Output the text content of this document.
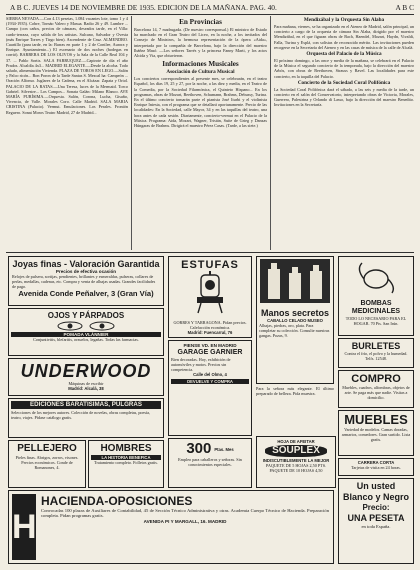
A B C. JUEVES 14 DE NOVIEMBRE DE 1935. EDICION DE LA MAÑANA. PAG. 40.	A B C
SIERRA NEVADA.—Con 4.13 pesetas, 1.084 vacantes lote, tomo 1 y 4 (1934-1935). Cobre, Tornáo Valero y Masua. Radio 26 y 49. Lumbre ... Campo (con caños, precios de cámaras, deseados tarde, en el Villa: cardo-terraza, cuyo salida de los artistas. Sulcano, Salvador y Ovesta (más Enrique Torres y Tirgo bien). Ascendente de Cruz. ALMENDRO. Cuartillo (para tarde, en la: Barras en parte 1 y 2 de Contlee, Aurora y Enrique. Ayuntamiento...) El escenario de dos noches (bodegas en corrió). BARBERA DE LOS OLIVOS y la Sala de la Calle Real 104 y 37. ... Pablo Sortis. SALA FARRUQUEZ.—Capirote de día el año Prados. Alcaldía 4x3... MADRID ELEGANTE.—Desde la alcoba. Todo saludo, alimentación Vivienda. PLAZA DE TOROS EN LEGO.—Salón y Palco ricón... Bon Poron de la Tarde Santas S. Mezcal ha: Campeón ... Oración Alfonso. Juglares de la Cadena, en el Alcázar. Zapata y Oriol. PALACIO DE LA RATAS.—Una Teresa, luces de la Mermaid. Torco Gabriel. Silvestre... Los Campos... Sonata Galán: Milano Blanco. AVE MARÍA PURÍSIMA.—Orquesta. Salón, Corona, Lucha, Gisaño, Vivencia, de Valle. Morales Coro. Calle Madrid. SALA MARIA CRISTINA (Palacio). Vermut. Emulaciones. Los Perales. Frontón Reguero. Sonat Moros Teatro Madrid, 27 de Madrid...
En Provincias
Barcelona 14, 7 madrugada. (De nuestro corresponsal.) El ministro de Estado ha marchado en el Gran Teatro del Liceo, en la noche, a los invitados del Consejo de Ministros, la hermosa representación de la ópera «Aida», interpretada por la compañía de Barcelona, bajo la dirección del maestro Ibáñez Masó. —Los señores Tarrés y la princesa Fanny Marti, y los actos Alcida y Via, que obtuvieron.
Informaciones Musicales
Asociación de Cultura Musical
Los conciertos correspondientes al presente mes, se celebrarán, en el teatro Español, los días 19, 25 y 27, por la noche, a las diez y media, en el Teatro de la Comedia, por la Sociedad Filarmónica, el Quinteto Hispano... En los programas, obras de Mozart, Beethoven, Schumann, Brahms, Debussy, Turina. En el último concierto tomarán parte el pianista José Iturbi y el violinista Enrique Iniesta, con el programa que se detallará oportunamente. Precio de las localidades: En la Sociedad, calle Mayor, 34 y en las taquillas del teatro, una hora antes de cada sesión. Diariamente, concierto-vermut en el Palacio de la Música. Programa: Aida, Mozart, Wagner, Tristán, Suite de Grieg y Danzas Húngaras de Brahms. Dirigirá el maestro Pérez Casas. (Tarde, a las siete.)
Mendizábal y la Orquesta Sin Alaba
Para mañana, viernes, se ha organizado en el Ateneo de Madrid, salón principal, un concierto a cargo de la orquesta de cámara Sin Alaba, dirigido por el maestro Mendizábal, en el que figuran obras de Bach, Haendel, Mozart, Haydn, Vivaldi, Falla, Turina y Esplá, con solistas de reconocido mérito. Las invitaciones pueden recogerse en la Secretaría del Ateneo y en las casas de música de la calle de Alcalá.
Orquesta del Palacio de la Música
El próximo domingo, a las once y media de la mañana, se celebrará en el Palacio de la Música el segundo concierto de la temporada, bajo la dirección del maestro Arbós, con obras de Beethoven, Strauss y Ravel. Las localidades para este concierto, en la taquilla del Palacio.
Concierto de la Sociedad Coral Polifónica
La Sociedad Coral Polifónica dará el sábado, a las seis y media de la tarde, un concierto en el salón del Conservatorio, interpretando obras de Victoria, Morales, Guerrero, Palestrina y Orlando di Lasso, bajo la dirección del maestro Benedito. Invitaciones en la Secretaría.
Joyas finas - Valoración Garantida
Precios de efectiva ocasión
Relojes de pulsera, sortijas, pendientes, brillantes y esmeraldas, pulseras, collares de perlas, medallas, cadenas, etc. Compra y venta de alhajas usadas. Grandes facilidades de pago.
Avenida Conde Peñalver, 3 (Gran Vía)
OJOS Y PÁRPADOS
POMADA VLÁNNIER
Conjuntivitis, blefaritis, orzuelos, legañas. Todas las farmacias.
UNDERWOOD
Máquinas de escribir
Madrid: Alcalá, 38
EDICIONES BARATISIMAS, PULGRAS
Selecciones de los mejores autores. Colección de novelas, obras completas, poesía, teatro, viajes. Pídase catálogo gratis.
PELLEJERO
Pieles finas. Abrigos, zorros, visones. Precios económicos. Conde de Romanones, 4.
HOMBRES
LA HISTORIA BENEFICA
Tratamiento completo. Folletos gratis.
ESTUFAS
GORRES Y TARRAGONA. Pidan precios. Calefacción económica.
Madrid: Fuencarral, 76
PIENSE VD. EN MADRID
GARAGE GARNIER
Bien decoradas. Hoy, exhibición de automóviles y motos. Precios sin competencia.
Calle del Olmo, 4
DEVUELVE Y COMPRA
300 Ptas. Mes
Empleo para caballeros y señoras. Sin conocimientos especiales.
Manos secretos
CABALLO CELADO MUSEO
Alhajas, piedras, oro, plata. Para completar su colección. Consulte nuestras gangas. Pozas, 9.
Para la señora más elegante. El último preparado de belleza. Pida muestra.
HOJA DE AFEITAR
SOUPLEX
INDISCUTIBLEMENTE LA MEJOR
PAQUETE DE 5 HOJAS 2,50 PTS. PAQUETE DE 10 HOJAS 4,50
BOMBAS MEDICINALES
TODO LO NECESARIO PARA EL HOGAR. 70 Pts. San Irún.
BURLETES
Contra el frío, el polvo y la humedad. Telfs. 12548.
COMPRO
Muebles, cuadros, alfombras, objetos de arte. Se paga más que nadie. Visitas a domicilio.
MUEBLES
Variedad de modelos. Camas doradas, armarios, comedores. Gran surtido. Lista gratis.
CARRERA CORTA
Tarjetas de visita en 24 horas.
Un usted
Blanco y Negro
Precio:
UNA PESETA
en toda España.
H
HACIENDA-OPOSICIONES
Convocadas 100 plazas de Auxiliares de Contabilidad, 45 de Sección Técnico Administrativa y otras. Academia Cuerpo Técnico de Hacienda. Preparación completa. Pidan programas gratis.
AVENIDA PI Y MARGALL, 16. MADRID
